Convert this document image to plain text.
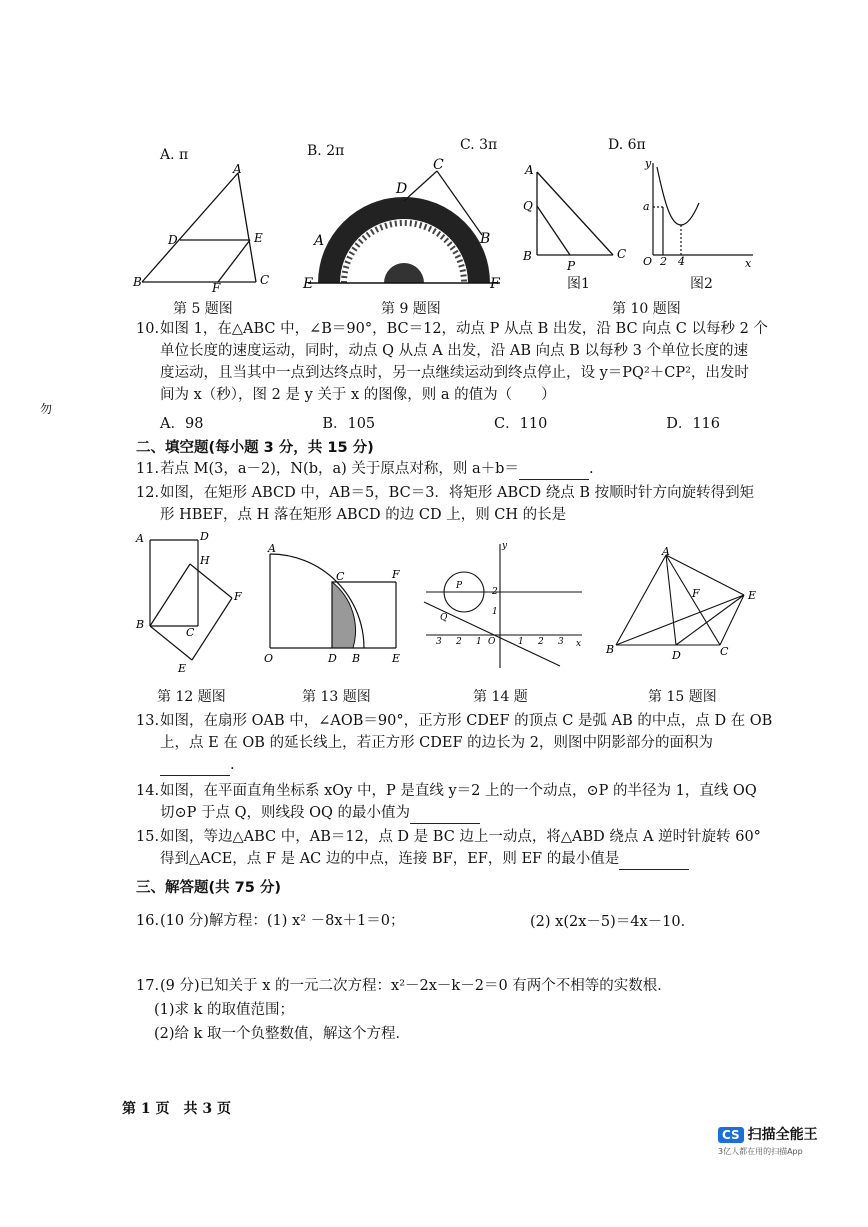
A. π	B. 2π	C. 3π	D. 6π
A
D	E
B	C
F
第 5 题图
C
D
A	B
E	F
第 9 题图
A
Q
B	C
P
图1
y
a
O 2 4	x
图2
第 10 题图
10.如图 1，在△ABC 中，∠B＝90°，BC＝12，动点 P 从点 B 出发，沿 BC 向点 C 以每秒 2 个
单位长度的速度运动，同时，动点 Q 从点 A 出发，沿 AB 向点 B 以每秒 3 个单位长度的速
度运动，且当其中一点到达终点时，另一点继续运动到终点停止，设 y＝PQ²＋CP²，出发时
间为 x（秒），图 2 是 y 关于 x 的图像，则 a 的值为（　　）
勿
A．98	B．105	C．110	D．116
二、填空题(每小题 3 分，共 15 分)
11.若点 M(3，a－2)，N(b，a) 关于原点对称，则 a＋b＝	.
12.如图，在矩形 ABCD 中，AB＝5，BC＝3．将矩形 ABCD 绕点 B 按顺时针方向旋转得到矩
形 HBEF，点 H 落在矩形 ABCD 的边 CD 上，则 CH 的长是
A	D
H
F
B
C
E
第 12 题图
A
C	F
O	D B	E
第 13 题图
y
x
P
Q
2
1
3 2 1 O	1 2 3
第 14 题
A
E
F
B	D	C
第 15 题图
13.如图，在扇形 OAB 中，∠AOB＝90°，正方形 CDEF 的顶点 C 是弧 AB 的中点，点 D 在 OB
上，点 E 在 OB 的延长线上，若正方形 CDEF 的边长为 2，则图中阴影部分的面积为
.
14.如图，在平面直角坐标系 xOy 中，P 是直线 y＝2 上的一个动点，⊙P 的半径为 1，直线 OQ
切⊙P 于点 Q，则线段 OQ 的最小值为
15.如图，等边△ABC 中，AB＝12，点 D 是 BC 边上一动点，将△ABD 绕点 A 逆时针旋转 60°
得到△ACE，点 F 是 AC 边的中点，连接 BF，EF，则 EF 的最小值是
三、解答题(共 75 分)
16.(10 分)解方程：(1) x² －8x＋1＝0；	(2) x(2x－5)＝4x－10．
17.(9 分)已知关于 x 的一元二次方程：x²－2x－k－2＝0 有两个不相等的实数根．
(1)求 k 的取值范围；
(2)给 k 取一个负整数值，解这个方程．
第 1 页　共 3 页
CS 扫描全能王
3亿人都在用的扫描App
